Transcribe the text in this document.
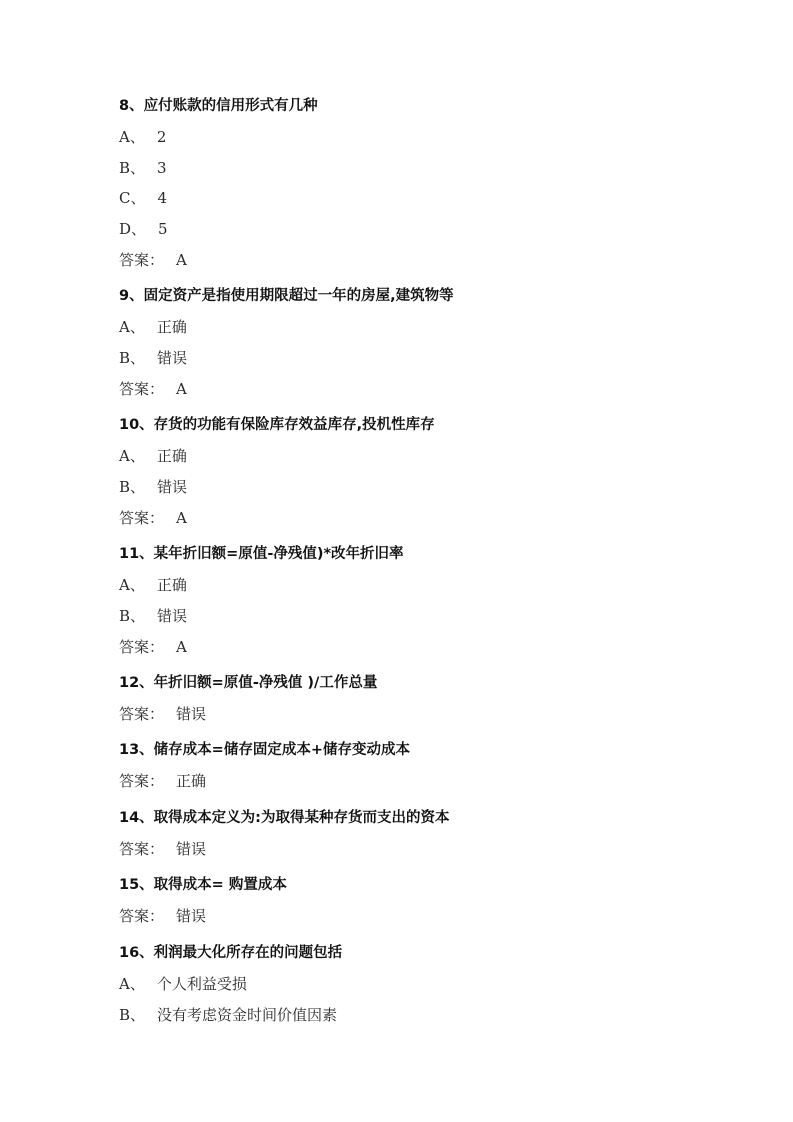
8、应付账款的信用形式有几种
A、 2
B、 3
C、 4
D、 5
答案： A
9、固定资产是指使用期限超过一年的房屋,建筑物等
A、 正确
B、 错误
答案： A
10、存货的功能有保险库存效益库存,投机性库存
A、 正确
B、 错误
答案： A
11、某年折旧额=原值-净残值)*改年折旧率
A、 正确
B、 错误
答案： A
12、年折旧额=原值-净残值 )/工作总量
答案： 错误
13、储存成本=储存固定成本+储存变动成本
答案： 正确
14、取得成本定义为:为取得某种存货而支出的资本
答案： 错误
15、取得成本= 购置成本
答案： 错误
16、利润最大化所存在的问题包括
A、 个人利益受损
B、 没有考虑资金时间价值因素
